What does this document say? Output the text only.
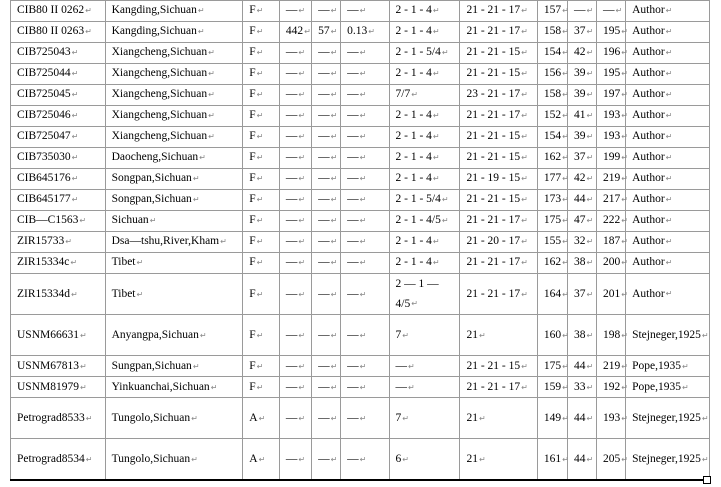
CIB80 II 0262↵	Kangding,Sichuan↵	F↵	—↵	—↵	—↵	2 - 1 - 4↵	21 - 21 - 17↵	157↵	—↵	—↵	Author↵
CIB80 II 0263↵	Kangding,Sichuan↵	F↵	442↵	57↵	0.13↵	2 - 1 - 4↵	21 - 21 - 17↵	158↵	37↵	195↵	Author↵
CIB725043↵	Xiangcheng,Sichuan↵	F↵	—↵	—↵	—↵	2 - 1 - 5/4↵	21 - 21 - 15↵	154↵	42↵	196↵	Author↵
CIB725044↵	Xiangcheng,Sichuan↵	F↵	—↵	—↵	—↵	2 - 1 - 4↵	21 - 21 - 15↵	156↵	39↵	195↵	Author↵
CIB725045↵	Xiangcheng,Sichuan↵	F↵	—↵	—↵	—↵	7/7↵	23 - 21 - 17↵	158↵	39↵	197↵	Author↵
CIB725046↵	Xiangcheng,Sichuan↵	F↵	—↵	—↵	—↵	2 - 1 - 4↵	21 - 21 - 17↵	152↵	41↵	193↵	Author↵
CIB725047↵	Xiangcheng,Sichuan↵	F↵	—↵	—↵	—↵	2 - 1 - 4↵	21 - 21 - 15↵	154↵	39↵	193↵	Author↵
CIB735030↵	Daocheng,Sichuan↵	F↵	—↵	—↵	—↵	2 - 1 - 4↵	21 - 21 - 15↵	162↵	37↵	199↵	Author↵
CIB645176↵	Songpan,Sichuan↵	F↵	—↵	—↵	—↵	2 - 1 - 4↵	21 - 19 - 15↵	177↵	42↵	219↵	Author↵
CIB645177↵	Songpan,Sichuan↵	F↵	—↵	—↵	—↵	2 - 1 - 5/4↵	21 - 21 - 15↵	173↵	44↵	217↵	Author↵
CIB—C1563↵	Sichuan↵	F↵	—↵	—↵	—↵	2 - 1 - 4/5↵	21 - 21 - 17↵	175↵	47↵	222↵	Author↵
ZIR15733↵	Dsa—tshu,River,Kham↵	F↵	—↵	—↵	—↵	2 - 1 - 4↵	21 - 20 - 17↵	155↵	32↵	187↵	Author↵
ZIR15334c↵	Tibet↵	F↵	—↵	—↵	—↵	2 - 1 - 4↵	21 - 21 - 17↵	162↵	38↵	200↵	Author↵
ZIR15334d↵	Tibet↵	F↵	—↵	—↵	—↵	2 — 1 — 4/5↵	21 - 21 - 17↵	164↵	37↵	201↵	Author↵
USNM66631↵	Anyangpa,Sichuan↵	F↵	—↵	—↵	—↵	7↵	21↵	160↵	38↵	198↵	Stejneger,1925↵
USNM67813↵	Sungpan,Sichuan↵	F↵	—↵	—↵	—↵	—↵	21 - 21 - 15↵	175↵	44↵	219↵	Pope,1935↵
USNM81979↵	Yinkuanchai,Sichuan↵	F↵	—↵	—↵	—↵	—↵	21 - 21 - 17↵	159↵	33↵	192↵	Pope,1935↵
Petrograd8533↵	Tungolo,Sichuan↵	A↵	—↵	—↵	—↵	7↵	21↵	149↵	44↵	193↵	Stejneger,1925↵
Petrograd8534↵	Tungolo,Sichuan↵	A↵	—↵	—↵	—↵	6↵	21↵	161↵	44↵	205↵	Stejneger,1925↵
